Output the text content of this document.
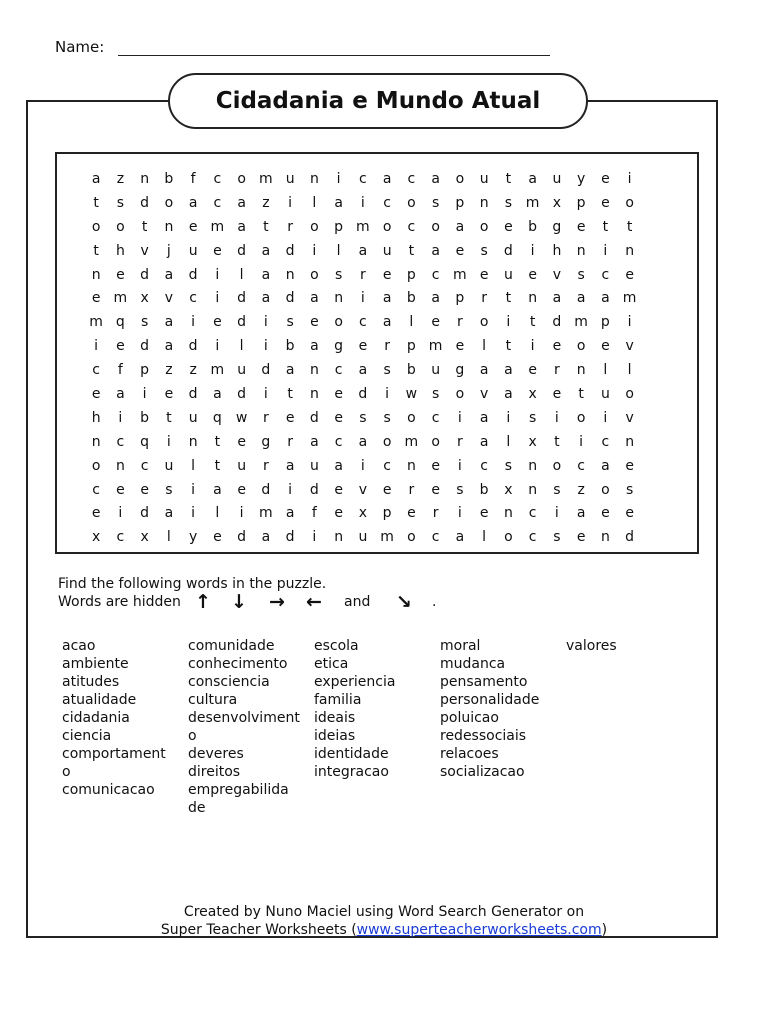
Name:
Cidadania e Mundo Atual
a	z	n	b	f	c	o m u	n	i	c	a	c	a	o	u	t	a	u	y	e	i
t	s	d	o	a	c	a	z	i	l	a	i	c	o	s	p	n	s m x	p	e	o
o	o	t	n	e m a	t	r	o	p m o	c	o	a	o	e	b	g	e	t	t
t	h	v	j	u	e	d	a	d	i	l	a	u	t	a	e	s	d	i	h	n	i	n
n	e	d	a	d	i	l	a	n	o	s	r	e	p	c m e	u	e	v	s	c	e
e m x	v	c	i	d	a	d	a	n	i	a	b	a	p	r	t	n	a	a	a m
m q	s	a	i	e	d	i	s	e	o	c	a	l	e	r	o	i	t	d m p	i
i	e	d	a	d	i	l	i	b	a	g	e	r	p m e	l	t	i	e	o	e	v
c	f	p	z	z m u	d	a	n	c	a	s	b	u	g	a	a	e	r	n	l	l
e	a	i	e	d	a	d	i	t	n	e	d	i	w	s	o	v	a	x	e	t	u	o
h	i	b	t	u	q	w	r	e	d	e	s	s	o	c	i	a	i	s	i	o	i	v
n	c	q	i	n	t	e	g	r	a	c	a	o m o	r	a	l	x	t	i	c	n
o	n	c	u	l	t	u	r	a	u	a	i	c	n	e	i	c	s	n	o	c	a	e
c	e	e	s	i	a	e	d	i	d	e	v	e	r	e	s	b	x	n	s	z	o	s
e	i	d	a	i	l	i	m a	f	e	x	p	e	r	i	e	n	c	i	a	e	e
x	c	x	l	y	e	d	a	d	i	n	u m o	c	a	l	o	c	s	e	n	d
Find the following words in the puzzle.
Words are hidden ↑ ↓ → ← and ↘ .
acao
ambiente
atitudes
atualidade
cidadania
ciencia
comportament
o
comunicacao
comunidade
conhecimento
consciencia
cultura
desenvolviment
o
deveres
direitos
empregabilida
de
escola
etica
experiencia
familia
ideais
ideias
identidade
integracao
moral
mudanca
pensamento
personalidade
poluicao
redessociais
relacoes
socializacao
valores
Created by Nuno Maciel using Word Search Generator on
Super Teacher Worksheets (www.superteacherworksheets.com)
